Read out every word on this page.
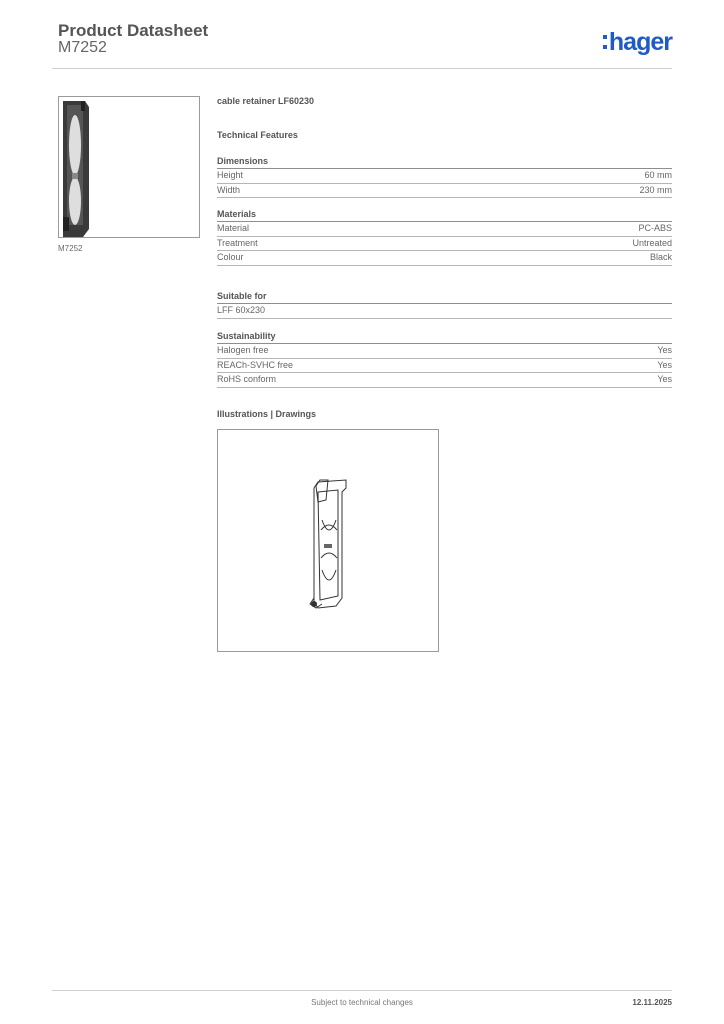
Product Datasheet
M7252	hager
M7252
cable retainer LF60230
Technical Features
Dimensions
Height	60 mm
Width	230 mm
Materials
Material	PC-ABS
Treatment	Untreated
Colour	Black
Suitable for
LFF 60x230
Sustainability
Halogen free	Yes
REACh-SVHC free	Yes
RoHS conform	Yes
Illustrations | Drawings
Subject to technical changes	12.11.2025
